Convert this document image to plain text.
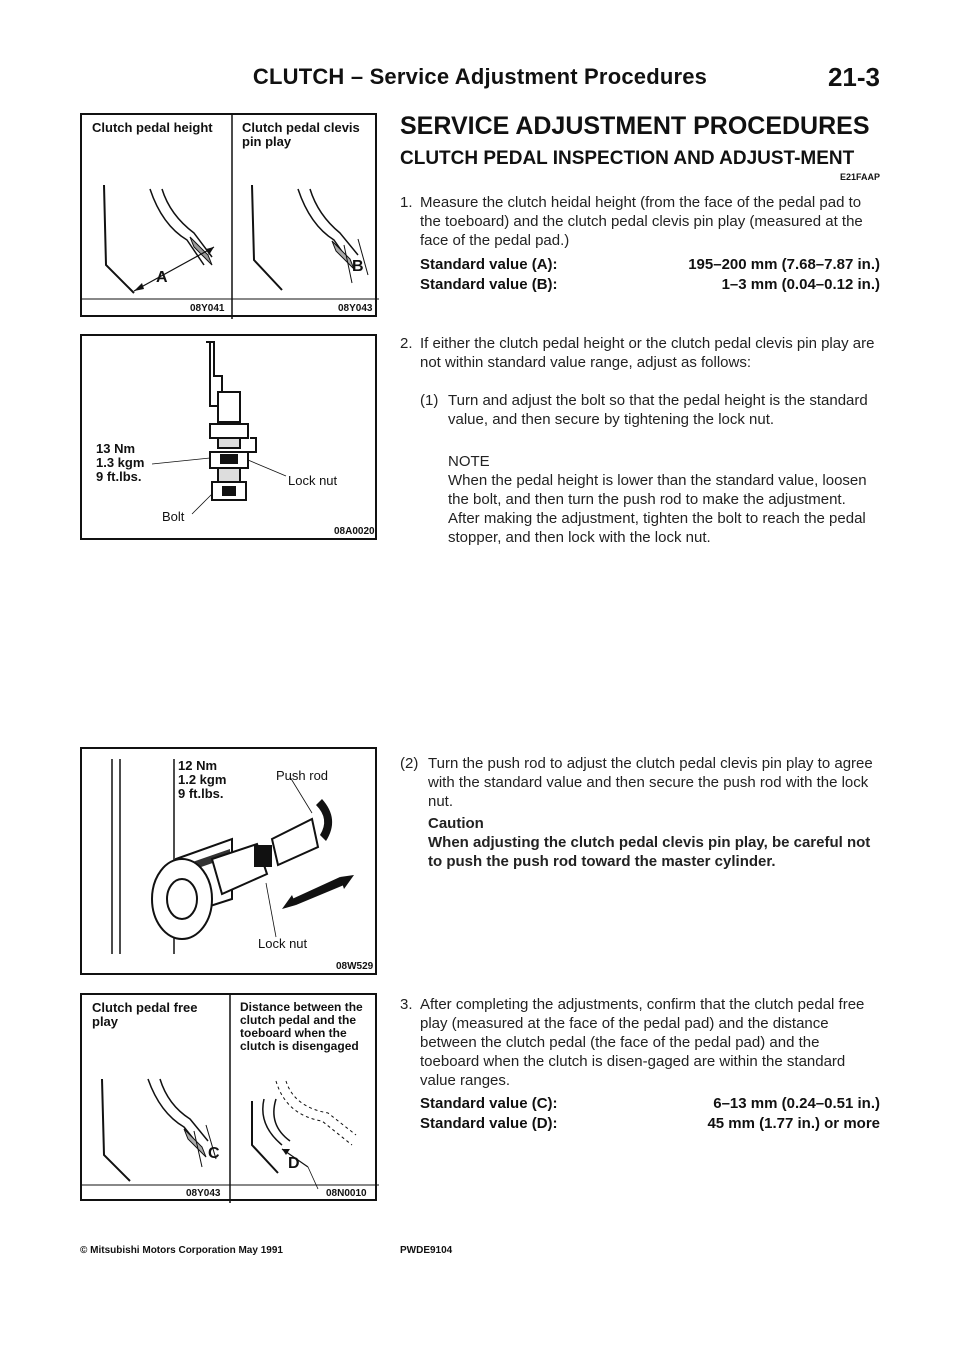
CLUTCH – Service Adjustment Procedures	21-3
Clutch pedal height Clutch pedal clevis pin play
A
B
08Y041	08Y043
13 Nm
1.3 kgm
9 ft.lbs.	Lock nut
Bolt
08A0020
12 Nm
1.2 kgm
9 ft.lbs.
Push rod
Lock nut
08W529
Clutch pedal free play
Distance between the clutch pedal and the toeboard when the clutch is disengaged
C
D
08Y043	08N0010
SERVICE ADJUSTMENT PROCEDURES
CLUTCH PEDAL INSPECTION AND ADJUST-MENT
E21FAAP
1. Measure the clutch heidal height (from the face of the pedal pad to the toeboard) and the clutch pedal clevis pin play (measured at the face of the pedal pad.)
Standard value (A):	195–200 mm (7.68–7.87 in.)
Standard value (B):	1–3 mm (0.04–0.12 in.)
2. If either the clutch pedal height or the clutch pedal clevis pin play are not within standard value range, adjust as follows:
(1) Turn and adjust the bolt so that the pedal height is the standard value, and then secure by tightening the lock nut.
NOTE
When the pedal height is lower than the standard value, loosen the bolt, and then turn the push rod to make the adjustment. After making the adjustment, tighten the bolt to reach the pedal stopper, and then lock with the lock nut.
(2) Turn the push rod to adjust the clutch pedal clevis pin play to agree with the standard value and then secure the push rod with the lock nut.
Caution
When adjusting the clutch pedal clevis pin play, be careful not to push the push rod toward the master cylinder.
3. After completing the adjustments, confirm that the clutch pedal free play (measured at the face of the pedal pad) and the distance between the clutch pedal (the face of the pedal pad) and the toeboard when the clutch is disen-gaged are within the standard value ranges.
Standard value (C):	6–13 mm (0.24–0.51 in.)
Standard value (D):	45 mm (1.77 in.) or more
© Mitsubishi Motors Corporation May 1991	PWDE9104
